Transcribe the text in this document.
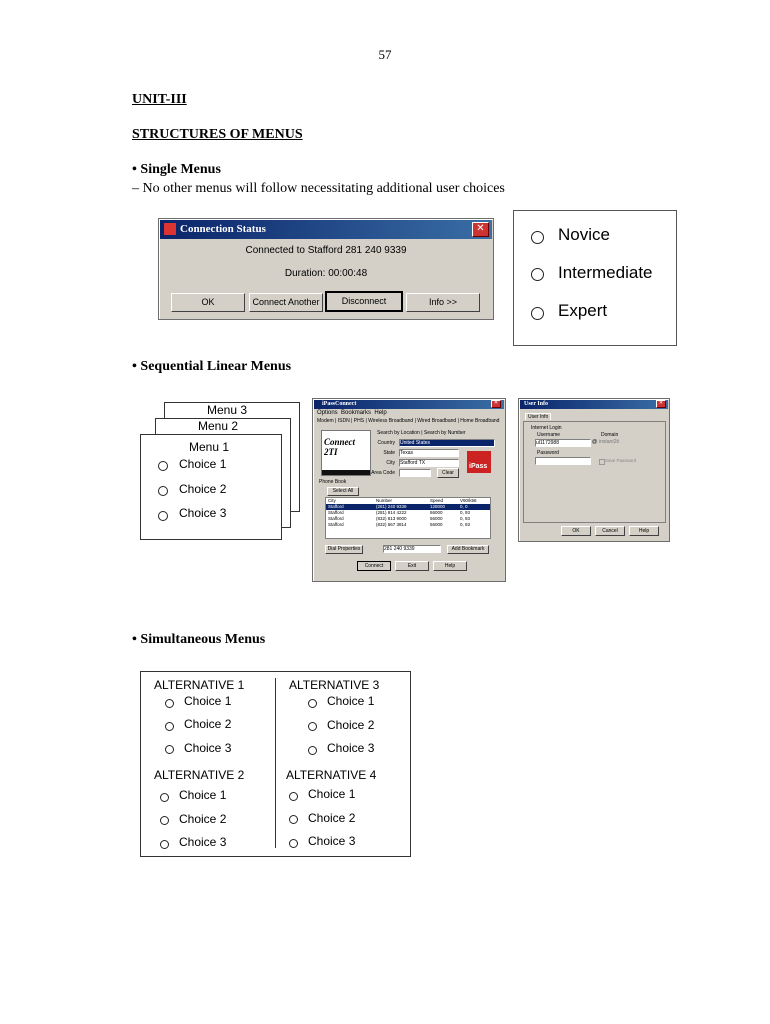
57
UNIT-III
STRUCTURES OF MENUS
• Single Menus
– No other menus will follow necessitating additional user choices
Connection Status	✕
Connected to Stafford 281 240 9339
Duration: 00:00:48
OK	Connect Another	Disconnect	Info >>
Novice
Intermediate
Expert
• Sequential Linear Menus
Menu 3
Menu 2
Menu 1
Choice 1
Choice 2
Choice 3
iPassConnect	✕
Options Bookmarks Help
Modem | ISDN | PHS | Wireless Broadband | Wired Broadband | Home Broadband
Connect 2TI
Search by Location | Search by Number
Country United States
State Texas
City Stafford TX
Area Code	Clear
iPass
Phone Book
Select All
City	Number	Speed	V90/k56
Stafford	(281) 240 9339	128000	0, 0
Stafford	(281) 914 4222	56000	0, 93
Stafford	(832) 813 9000	56000	0, 93
Stafford	(832) 567 3814	56000	0, 93
Dial Properties	281 240 9339	Add Bookmark
Connect	Exit	Help
User Info	✕
User Info
Internet Login
Username	Domain
ul1172988	@ instant2ti
Password
Save Password
OK	Cancel	Help
• Simultaneous Menus
ALTERNATIVE 1
Choice 1
Choice 2
Choice 3
ALTERNATIVE 3
Choice 1
Choice 2
Choice 3
ALTERNATIVE 2
Choice 1
Choice 2
Choice 3
ALTERNATIVE 4
Choice 1
Choice 2
Choice 3
